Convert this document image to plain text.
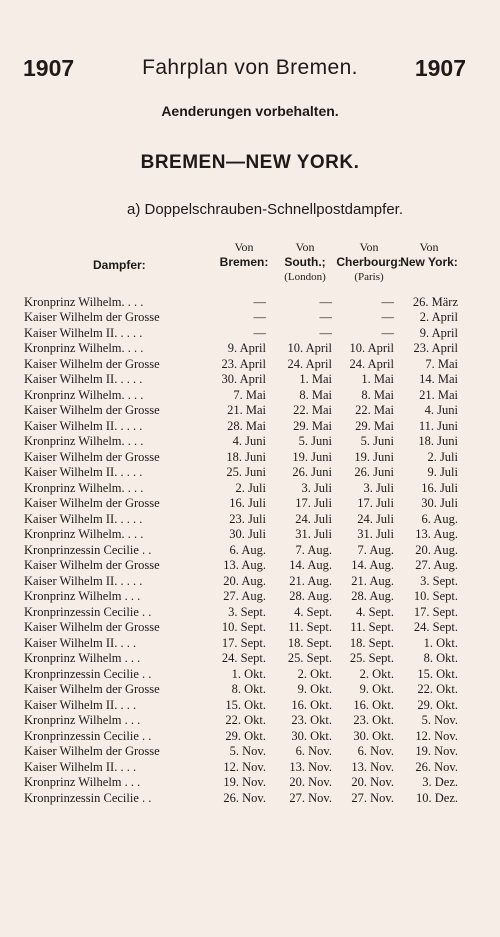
1907	Fahrplan von Bremen.	1907
Aenderungen vorbehalten.
BREMEN—NEW YORK.
a) Doppelschrauben-Schnellpostdampfer.
Dampfer:
Von
Bremen:
Von
South.;
(London)
Von
Cherbourg:
(Paris)
Von
New York:
Kronprinz Wilhelm. . . .	—	—	—	26. März
Kaiser Wilhelm der Grosse	—	—	—	2. April
Kaiser Wilhelm II. . . . .	—	—	—	9. April
Kronprinz Wilhelm. . . .	9. April	10. April	10. April	23. April
Kaiser Wilhelm der Grosse	23. April	24. April	24. April	7. Mai
Kaiser Wilhelm II. . . . .	30. April	1. Mai	1. Mai	14. Mai
Kronprinz Wilhelm. . . .	7. Mai	8. Mai	8. Mai	21. Mai
Kaiser Wilhelm der Grosse	21. Mai	22. Mai	22. Mai	4. Juni
Kaiser Wilhelm II. . . . .	28. Mai	29. Mai	29. Mai	11. Juni
Kronprinz Wilhelm. . . .	4. Juni	5. Juni	5. Juni	18. Juni
Kaiser Wilhelm der Grosse	18. Juni	19. Juni	19. Juni	2. Juli
Kaiser Wilhelm II. . . . .	25. Juni	26. Juni	26. Juni	9. Juli
Kronprinz Wilhelm. . . .	2. Juli	3. Juli	3. Juli	16. Juli
Kaiser Wilhelm der Grosse	16. Juli	17. Juli	17. Juli	30. Juli
Kaiser Wilhelm II. . . . .	23. Juli	24. Juli	24. Juli	6. Aug.
Kronprinz Wilhelm. . . .	30. Juli	31. Juli	31. Juli	13. Aug.
Kronprinzessin Cecilie . .	6. Aug.	7. Aug.	7. Aug.	20. Aug.
Kaiser Wilhelm der Grosse	13. Aug.	14. Aug.	14. Aug.	27. Aug.
Kaiser Wilhelm II. . . . .	20. Aug.	21. Aug.	21. Aug.	3. Sept.
Kronprinz Wilhelm . . .	27. Aug.	28. Aug.	28. Aug.	10. Sept.
Kronprinzessin Cecilie . .	3. Sept.	4. Sept.	4. Sept.	17. Sept.
Kaiser Wilhelm der Grosse	10. Sept.	11. Sept.	11. Sept.	24. Sept.
Kaiser Wilhelm II. . . .	17. Sept.	18. Sept.	18. Sept.	1. Okt.
Kronprinz Wilhelm . . .	24. Sept.	25. Sept.	25. Sept.	8. Okt.
Kronprinzessin Cecilie . .	1. Okt.	2. Okt.	2. Okt.	15. Okt.
Kaiser Wilhelm der Grosse	8. Okt.	9. Okt.	9. Okt.	22. Okt.
Kaiser Wilhelm II. . . .	15. Okt.	16. Okt.	16. Okt.	29. Okt.
Kronprinz Wilhelm . . .	22. Okt.	23. Okt.	23. Okt.	5. Nov.
Kronprinzessin Cecilie . .	29. Okt.	30. Okt.	30. Okt.	12. Nov.
Kaiser Wilhelm der Grosse	5. Nov.	6. Nov.	6. Nov.	19. Nov.
Kaiser Wilhelm II. . . .	12. Nov.	13. Nov.	13. Nov.	26. Nov.
Kronprinz Wilhelm . . .	19. Nov.	20. Nov.	20. Nov.	3. Dez.
Kronprinzessin Cecilie . .	26. Nov.	27. Nov.	27. Nov.	10. Dez.
